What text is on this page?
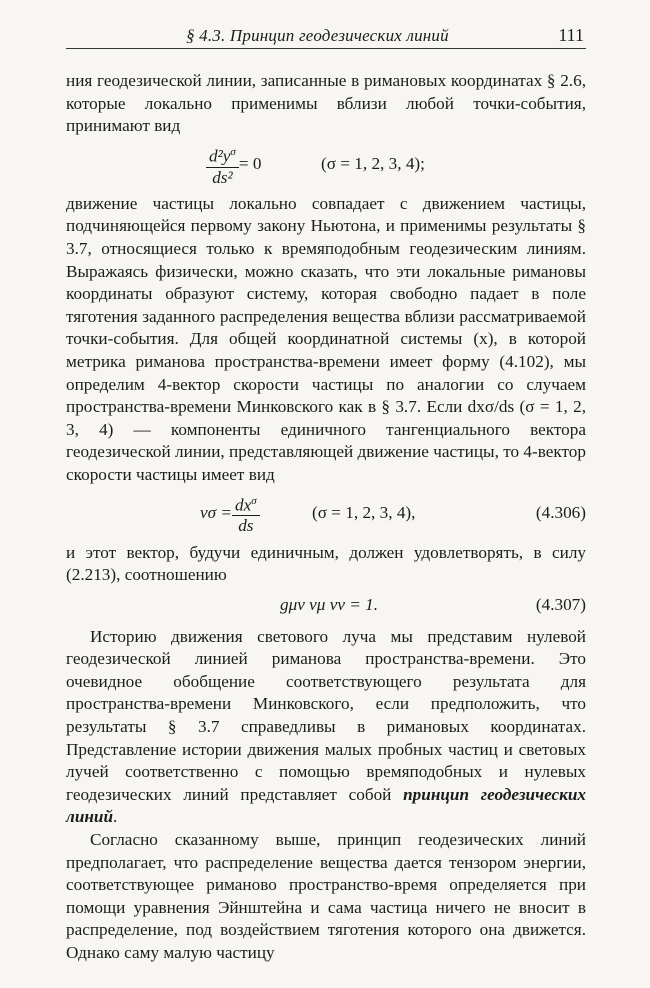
§ 4.3. Принцип геодезических линий	111

ния геодезической линии, записанные в римановых координатах § 2.6, которые локально применимы вблизи любой точки-события, принимают вид

$\frac{d^2y^\sigma}{\text{ds²}} = 0$	(σ = 1, 2, 3, 4);

движение частицы локально совпадает с движением частицы, подчиняющейся первому закону Ньютона, и применимы результаты § 3.7, относящиеся только к времяподобным геодезическим линиям. Выражаясь физически, можно сказать, что эти локальные римановы координаты образуют систему, которая свободно падает в поле тяготения заданного распределения вещества вблизи рассматриваемой точки-события. Для общей координатной системы (x), в которой метрика риманова пространства-времени имеет форму (4.102), мы определим 4-вектор скорости частицы по аналогии со случаем пространства-времени Минковского как в § 3.7. Если dxσ/ds (σ = 1, 2, 3, 4) — компоненты единичного тангенциального вектора геодезической линии, представляющей движение частицы, то 4-вектор скорости частицы имеет вид

$v\sigma = \frac{dx^\sigma}{ds}$	(σ = 1, 2, 3, 4),	(4.306)

и этот вектор, будучи единичным, должен удовлетворять, в силу (2.213), соотношению

gμν vμ vν = 1.	(4.307)

Историю движения светового луча мы представим нулевой геодезической линией риманова пространства-времени. Это очевидное обобщение соответствующего результата для пространства-времени Минковского, если предположить, что результаты § 3.7 справедливы в римановых координатах. Представление истории движения малых пробных частиц и световых лучей соответственно с помощью времяподобных и нулевых геодезических линий представляет собой принцип геодезических линий.

Согласно сказанному выше, принцип геодезических линий предполагает, что распределение вещества дается тензором энергии, соответствующее риманово пространство-время определяется при помощи уравнения Эйнштейна и сама частица ничего не вносит в распределение, под воздействием тяготения которого она движется. Однако саму малую частицу
